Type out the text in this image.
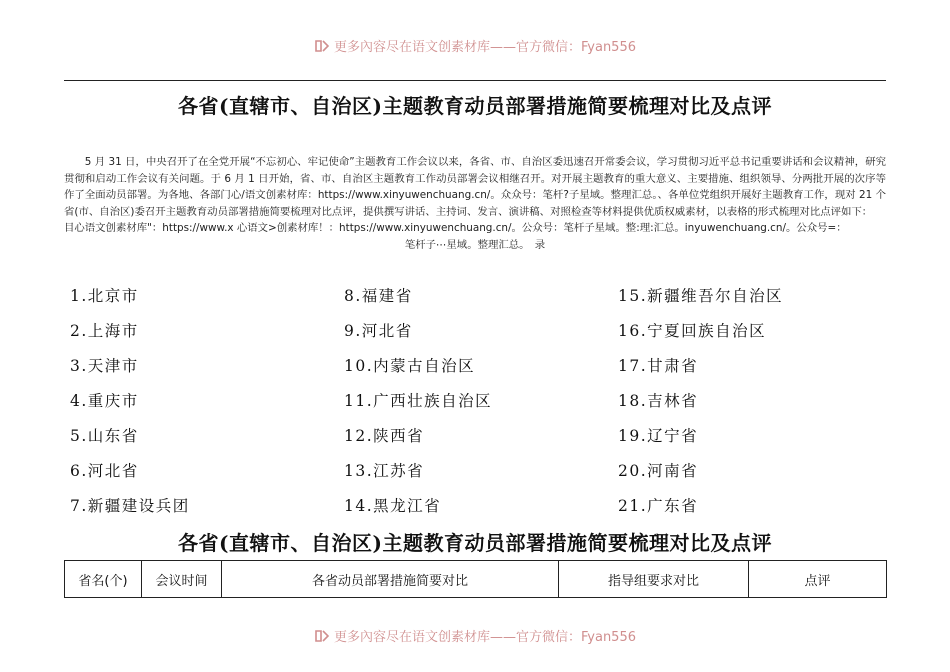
更多內容尽在语文创素材库——官方微信：Fyan556
各省(直辖市、自治区)主题教育动员部署措施简要梳理对比及点评

5 月 31 日，中央召开了在全党开展“不忘初心、牢记使命”主题教育工作会议以来，各省、市、自治区委迅速召开常委会议，学习贯彻习近平总书记重要讲话和会议精神，研究贯彻和启动工作会议有关问题。于 6 月 1 日开始，省、市、自治区主题教育工作动员部署会议相继召开。对开展主题教育的重大意义、主要措施、组织领导、分两批开展的次序等作了全面动员部署。为各地、各部门心/语文创素材库：https://www.xinyuwenchuang.cn/。众众号：笔杆?子星域。整理汇总。、各单位党组织开展好主题教育工作，现对 21 个省(市、自治区)委召开主题教育动员部署措施简要梳理对比点评，提供撰写讲话、主持词、发言、演讲稿、对照检查等材料提供优质权威素材，以表格的形式梳理对比点评如下：

目心语文创素材库"：https://www.x 心语文>创素材库！：https://www.xinyuwenchuang.cn/。公众号：笔杆子星域。整:理:汇总。inyuwenchuang.cn/。公众号=：

笔杆子⋯星域。整理汇总。　录

1.北京市	8.福建省	15.新疆维吾尔自治区
2.上海市	9.河北省	16.宁夏回族自治区
3.天津市	10.内蒙古自治区	17.甘肃省
4.重庆市	11.广西壮族自治区	18.吉林省
5.山东省	12.陕西省	19.辽宁省
6.河北省	13.江苏省	20.河南省
7.新疆建设兵团	14.黑龙江省	21.广东省
各省(直辖市、自治区)主题教育动员部署措施简要梳理对比及点评
省名(个)	会议时间	各省动员部署措施简要对比	指导组要求对比	点评
更多內容尽在语文创素材库——官方微信：Fyan556
